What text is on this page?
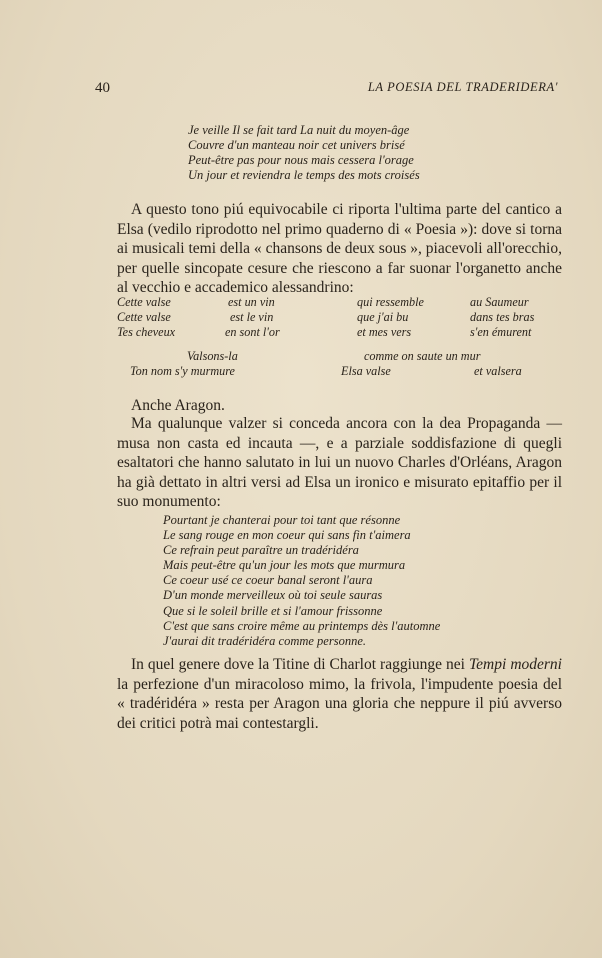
40	LA POESIA DEL TRADERIDERA'
Je veille Il se fait tard La nuit du moyen-âge
Couvre d'un manteau noir cet univers brisé
Peut-être pas pour nous mais cessera l'orage
Un jour et reviendra le temps des mots croisés

A questo tono piú equivocabile ci riporta l'ultima parte del cantico a Elsa (vedilo riprodotto nel primo quaderno di « Poesia »): dove si torna ai musicali temi della « chansons de deux sous », piacevoli all'orecchio, per quelle sincopate cesure che riescono a far suonar l'organetto anche al vecchio e accademico alessandrino:

Cette valse	est un vin	qui ressemble	au Saumeur
Cette valse	est le vin	que j'ai bu	dans tes bras
Tes cheveux	en sont l'or	et mes vers	s'en émurent
Valsons-la	comme on saute un mur
Ton nom s'y murmure	Elsa valse	et valsera
Anche Aragon.

Ma qualunque valzer si conceda ancora con la dea Propaganda — musa non casta ed incauta —, e a parziale soddisfazione di quegli esaltatori che hanno salutato in lui un nuovo Charles d'Orléans, Aragon ha già dettato in altri versi ad Elsa un ironico e misurato epitaffio per il suo monumento:

Pourtant je chanterai pour toi tant que résonne
Le sang rouge en mon coeur qui sans fin t'aimera
Ce refrain peut paraître un tradéridéra
Mais peut-être qu'un jour les mots que murmura
Ce coeur usé ce coeur banal seront l'aura
D'un monde merveilleux où toi seule sauras
Que si le soleil brille et si l'amour frissonne
C'est que sans croire même au printemps dès l'automne
J'aurai dit tradéridéra comme personne.

In quel genere dove la Titine di Charlot raggiunge nei Tempi moderni la perfezione d'un miracoloso mimo, la frivola, l'impudente poesia del « tradéridéra » resta per Aragon una gloria che neppure il piú avverso dei critici potrà mai contestargli.
